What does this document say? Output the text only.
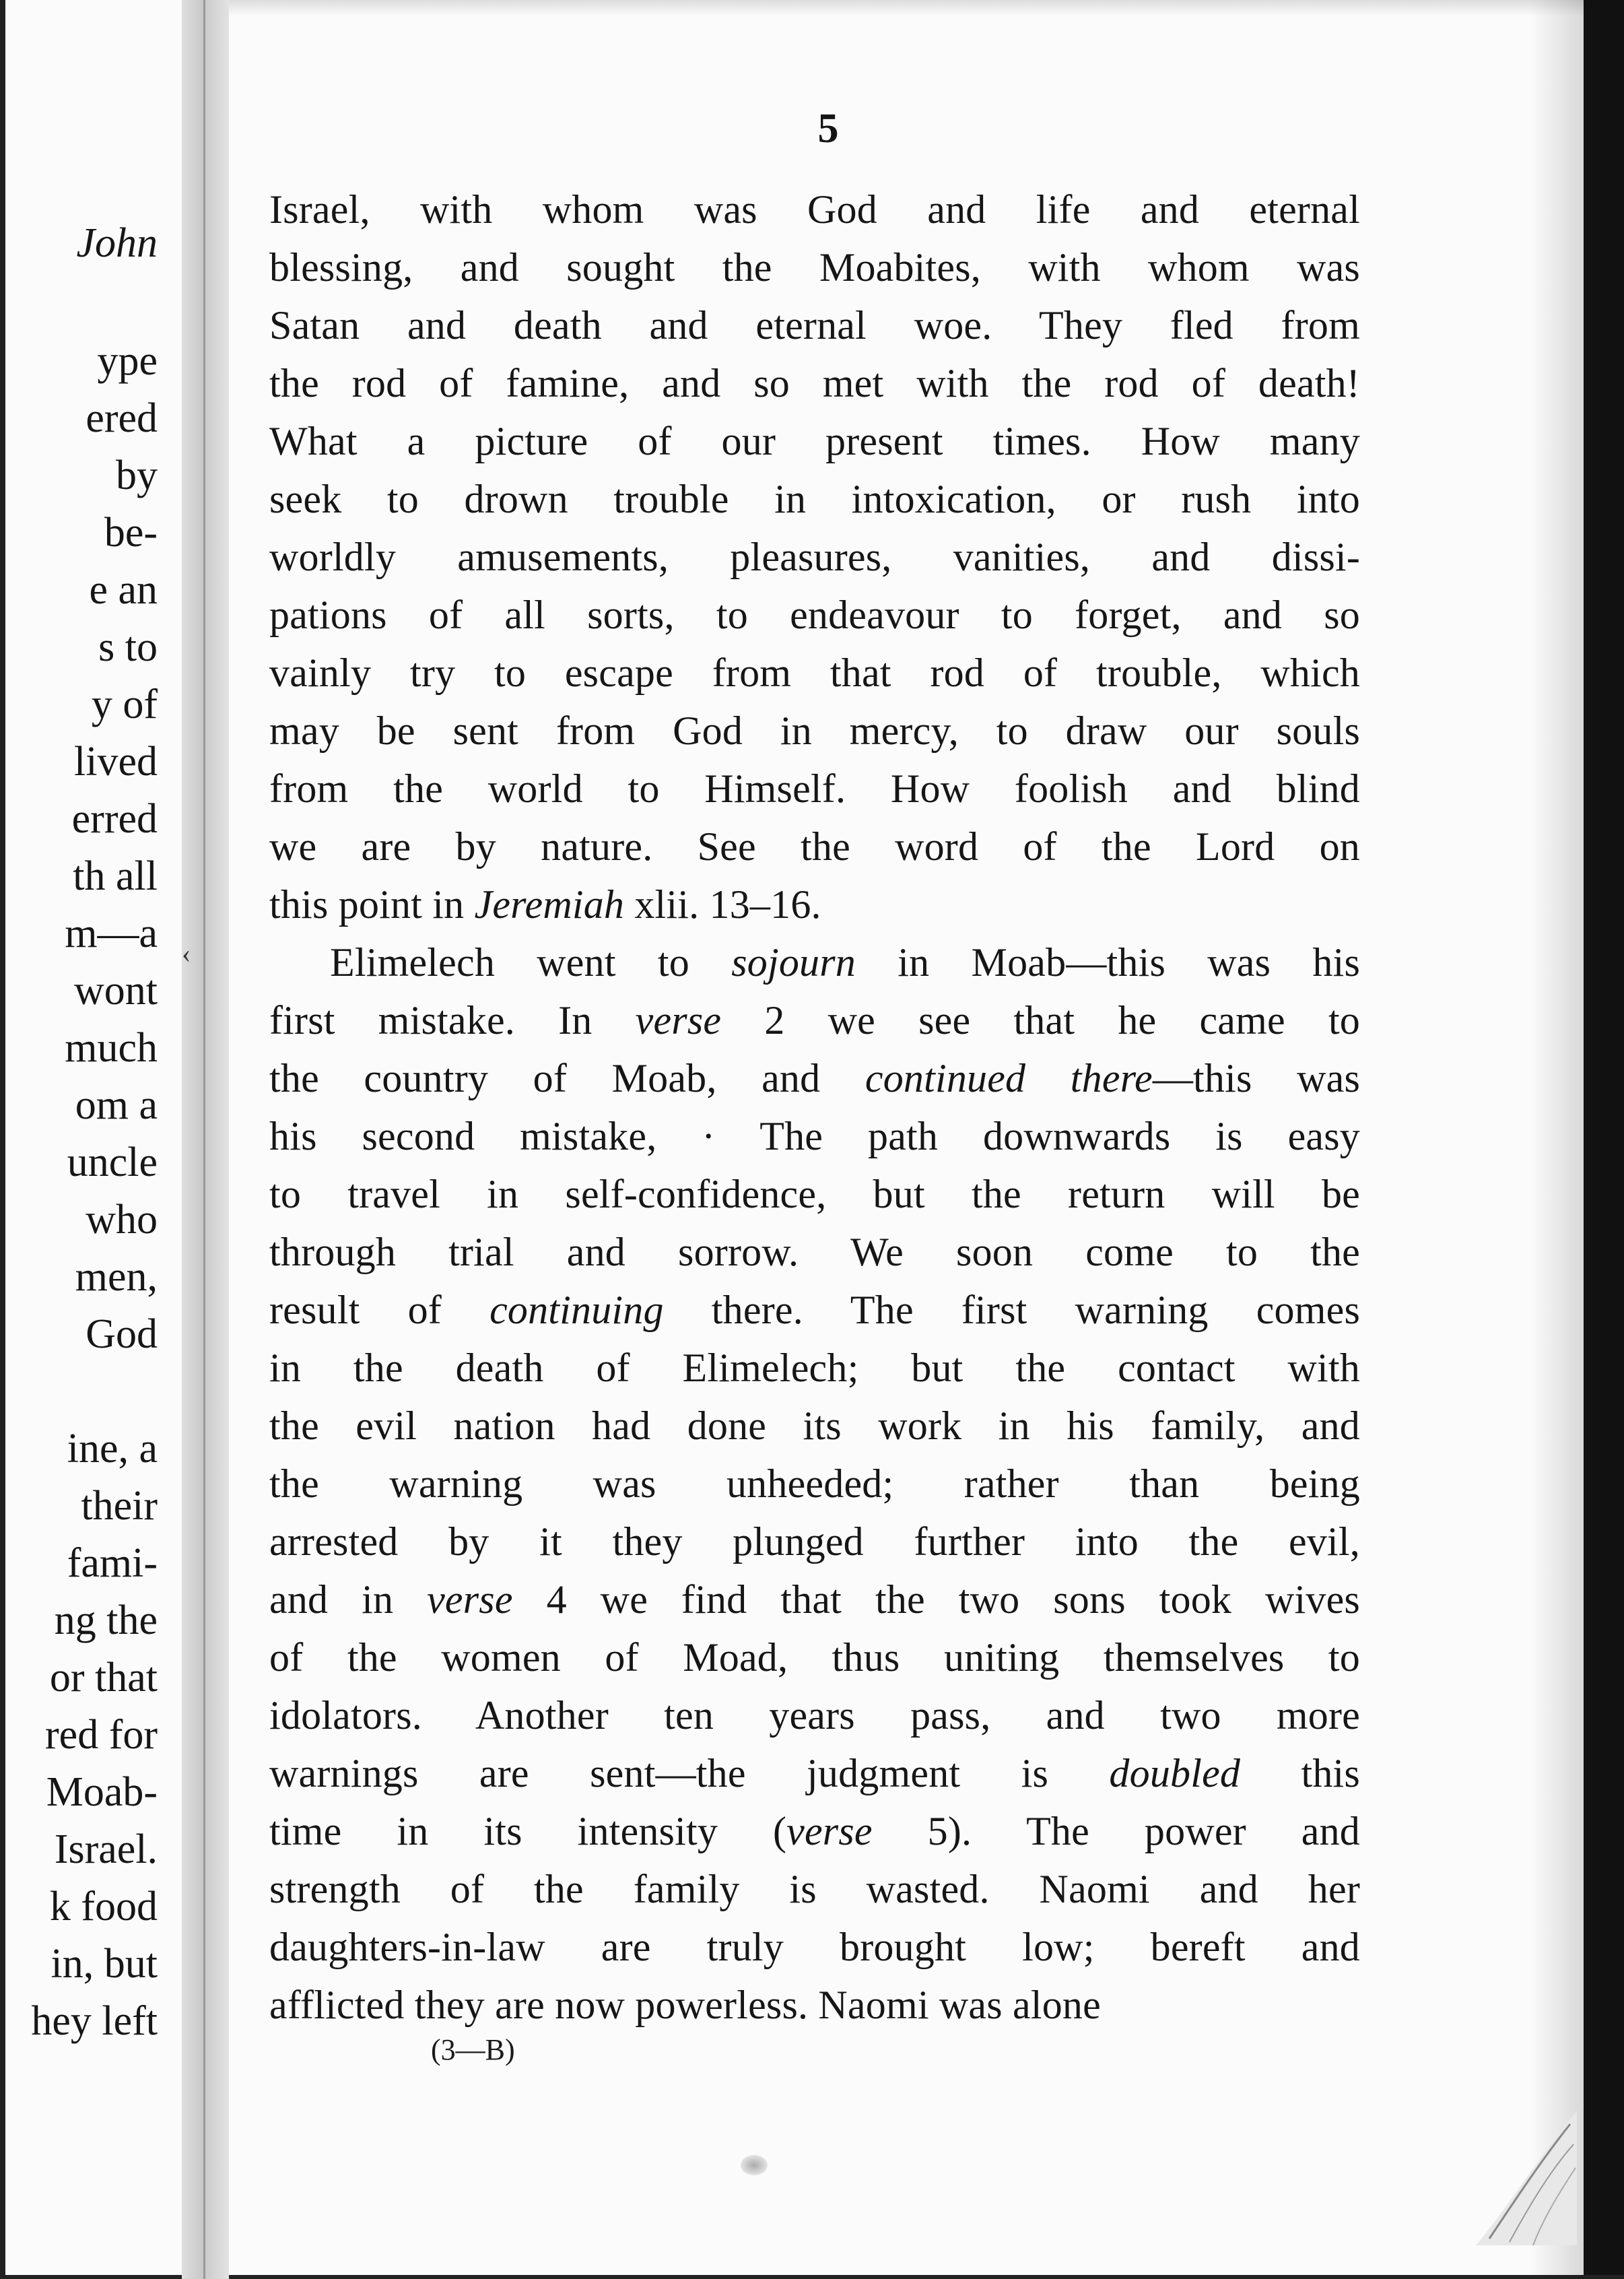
John
ype
ered
by
be-
e an
s to
y of
lived
erred
th all
m—a
wont
much
om a
uncle
who
men,
God
ine, a
their
fami-
ng the
or that
red for
Moab-
Israel.
k food
in, but
hey left
5
‹
Israel, with whom was God and life and eternal
blessing, and sought the Moabites, with whom was
Satan and death and eternal woe. They fled from
the rod of famine, and so met with the rod of death!
What a picture of our present times. How many
seek to drown trouble in intoxication, or rush into
worldly amusements, pleasures, vanities, and dissi-
pations of all sorts, to endeavour to forget, and so
vainly try to escape from that rod of trouble, which
may be sent from God in mercy, to draw our souls
from the world to Himself. How foolish and blind
we are by nature. See the word of the Lord on
this point in Jeremiah xlii. 13–16.
Elimelech went to sojourn in Moab—this was his
first mistake. In verse 2 we see that he came to
the country of Moab, and continued there—this was
his second mistake, · The path downwards is easy
to travel in self-confidence, but the return will be
through trial and sorrow. We soon come to the
result of continuing there. The first warning comes
in the death of Elimelech; but the contact with
the evil nation had done its work in his family, and
the warning was unheeded; rather than being
arrested by it they plunged further into the evil,
and in verse 4 we find that the two sons took wives
of the women of Moad, thus uniting themselves to
idolators. Another ten years pass, and two more
warnings are sent—the judgment is doubled this
time in its intensity (verse 5). The power and
strength of the family is wasted. Naomi and her
daughters-in-law are truly brought low; bereft and
afflicted they are now powerless. Naomi was alone
(3—B)
